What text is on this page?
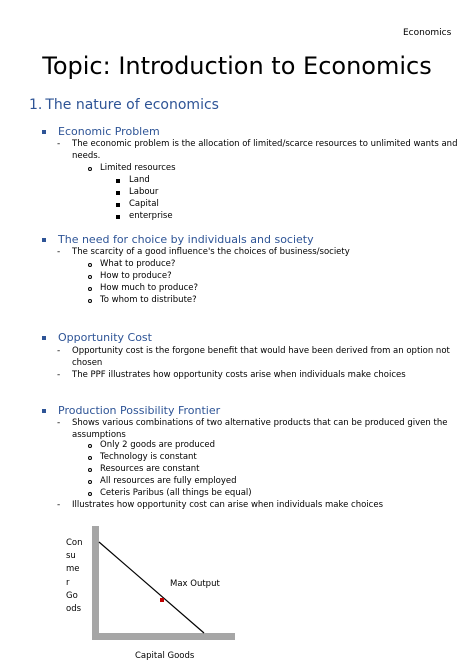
Economics
Topic: Introduction to Economics
1. The nature of economics
Economic Problem
- The economic problem is the allocation of limited/scarce resources to unlimited wants and
needs.
Limited resources
Land
Labour
Capital
enterprise
The need for choice by individuals and society
- The scarcity of a good influence's the choices of business/society
What to produce?
How to produce?
How much to produce?
To whom to distribute?
Opportunity Cost
- Opportunity cost is the forgone benefit that would have been derived from an option not
chosen
- The PPF illustrates how opportunity costs arise when individuals make choices
Production Possibility Frontier
- Shows various combinations of two alternative products that can be produced given the
assumptions
Only 2 goods are produced
Technology is constant
Resources are constant
All resources are fully employed
Ceteris Paribus (all things be equal)
- Illustrates how opportunity cost can arise when individuals make choices
Con
su
me
r
Go
ods
Max Output
Capital Goods
